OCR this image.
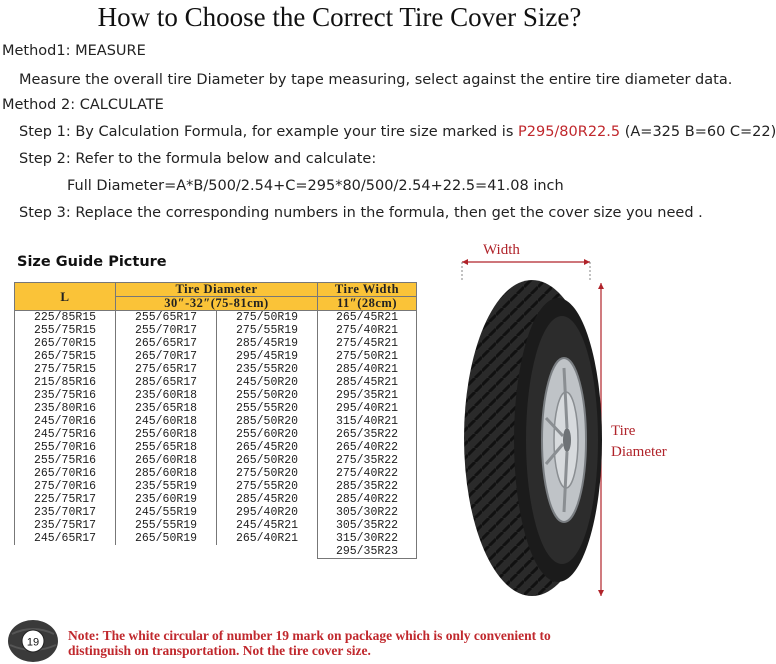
How to Choose the Correct Tire Cover Size?
Method1: MEASURE
Measure the overall tire Diameter by tape measuring, select against the entire tire diameter data.
Method 2: CALCULATE
Step 1: By Calculation Formula, for example your tire size marked is P295/80R22.5 (A=325 B=60 C=22)
Step 2: Refer to the formula below and calculate:
Full Diameter=A*B/500/2.54+C=295*80/500/2.54+22.5=41.08 inch
Step 3: Replace the corresponding numbers in the formula, then get the cover size you need .
Size Guide Picture
L	Tire Diameter		Tire Width
	30″-32″(75-81cm)		11″(28cm)
225/85R15	255/65R17	275/50R19	265/45R21
255/75R15	255/70R17	275/55R19	275/40R21
265/70R15	265/65R17	285/45R19	275/45R21
265/75R15	265/70R17	295/45R19	275/50R21
275/75R15	275/65R17	235/55R20	285/40R21
215/85R16	285/65R17	245/50R20	285/45R21
235/75R16	235/60R18	255/50R20	295/35R21
235/80R16	235/65R18	255/55R20	295/40R21
245/70R16	245/60R18	285/50R20	315/40R21
245/75R16	255/60R18	255/60R20	265/35R22
255/70R16	255/65R18	265/45R20	265/40R22
255/75R16	265/60R18	265/50R20	275/35R22
265/70R16	285/60R18	275/50R20	275/40R22
275/70R16	235/55R19	275/55R20	285/35R22
225/75R17	235/60R19	285/45R20	285/40R22
235/70R17	245/55R19	295/40R20	305/30R22
235/75R17	255/55R19	245/45R21	305/35R22
245/65R17	265/50R19	265/40R21	315/30R22
			295/35R23
Width
Tire
Diameter
19 Note: The white circular of number 19 mark on package which is only convenient to
distinguish on transportation. Not the tire cover size.
